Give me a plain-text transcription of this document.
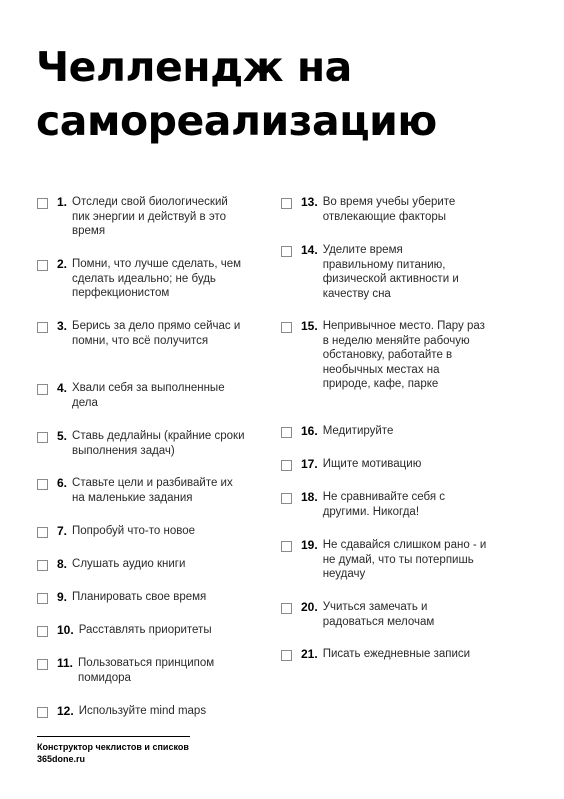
Челлендж на
самореализацию
1. Отследи свой биологический пик энергии и действуй в это время
2. Помни, что лучше сделать, чем сделать идеально; не будь перфекционистом
3. Берись за дело прямо сейчас и помни, что всё получится
4. Хвали себя за выполненные дела
5. Ставь дедлайны (крайние сроки выполнения задач)
6. Ставьте цели и разбивайте их на маленькие задания
7. Попробуй что-то новое
8. Слушать аудио книги
9. Планировать свое время
10. Расставлять приоритеты
11. Пользоваться принципом помидора
12. Используйте mind maps
13. Во время учебы уберите отвлекающие факторы
14. Уделите время правильному питанию, физической активности и качеству сна
15. Непривычное место. Пару раз в неделю меняйте рабочую обстановку, работайте в необычных местах на природе, кафе, парке
16. Медитируйте
17. Ищите мотивацию
18. Не сравнивайте себя с другими. Никогда!
19. Не сдавайся слишком рано - и не думай, что ты потерпишь неудачу
20. Учиться замечать и радоваться мелочам
21. Писать ежедневные записи
Конструктор чеклистов и списков
365done.ru
